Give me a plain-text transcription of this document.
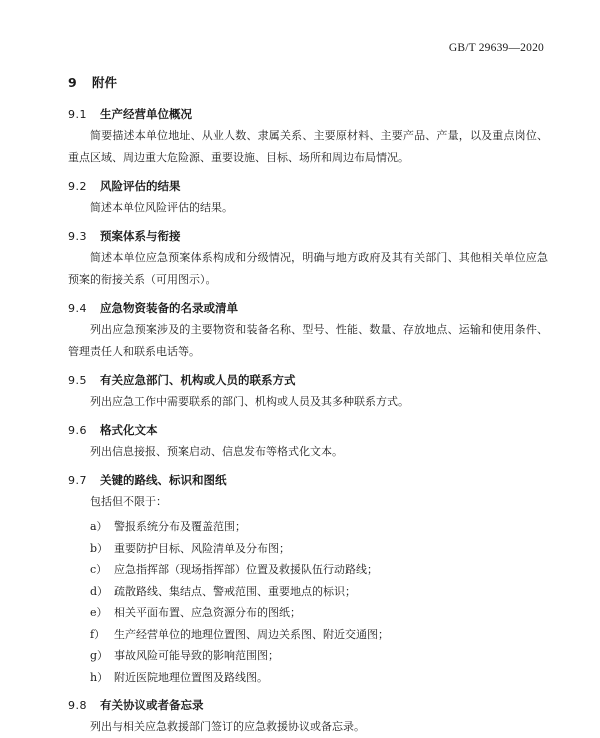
GB/T 29639—2020
9	附件
9.1	生产经营单位概况

简要描述本单位地址、从业人数、隶属关系、主要原材料、主要产品、产量，以及重点岗位、重点区域、周边重大危险源、重要设施、目标、场所和周边布局情况。

9.2	风险评估的结果

简述本单位风险评估的结果。

9.3	预案体系与衔接

简述本单位应急预案体系构成和分级情况，明确与地方政府及其有关部门、其他相关单位应急预案的衔接关系（可用图示）。

9.4	应急物资装备的名录或清单

列出应急预案涉及的主要物资和装备名称、型号、性能、数量、存放地点、运输和使用条件、管理责任人和联系电话等。

9.5	有关应急部门、机构或人员的联系方式

列出应急工作中需要联系的部门、机构或人员及其多种联系方式。

9.6	格式化文本

列出信息接报、预案启动、信息发布等格式化文本。

9.7	关键的路线、标识和图纸

包括但不限于：

a） 警报系统分布及覆盖范围；
b） 重要防护目标、风险清单及分布图；
c） 应急指挥部（现场指挥部）位置及救援队伍行动路线；
d） 疏散路线、集结点、警戒范围、重要地点的标识；
e） 相关平面布置、应急资源分布的图纸；
f） 生产经营单位的地理位置图、周边关系图、附近交通图；
g） 事故风险可能导致的影响范围图；
h） 附近医院地理位置图及路线图。
9.8	有关协议或者备忘录

列出与相关应急救援部门签订的应急救援协议或备忘录。
